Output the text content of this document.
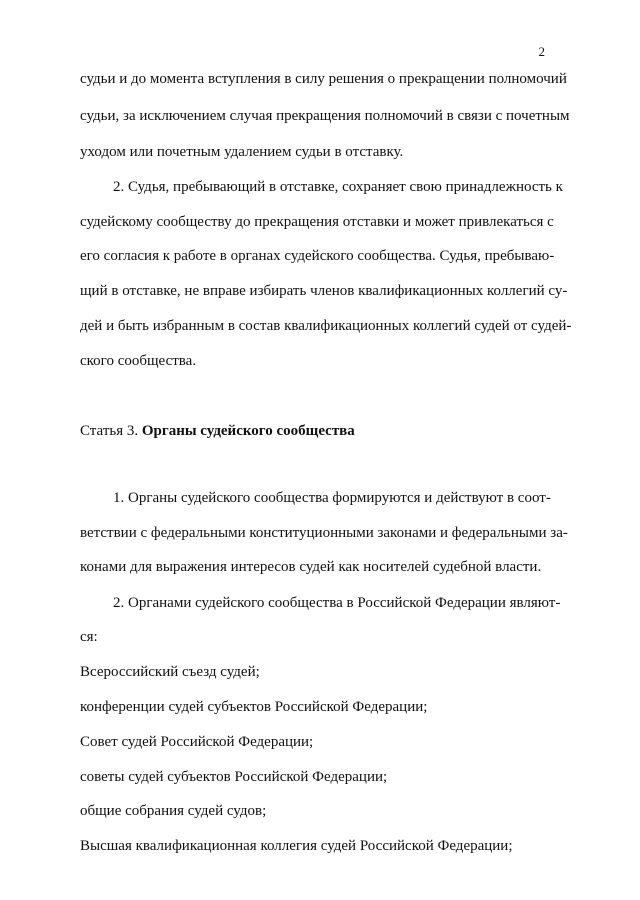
2
судьи и до момента вступления в силу решения о прекращении полномочий
судьи, за исключением случая прекращения полномочий в связи с почетным
уходом или почетным удалением судьи в отставку.
2. Судья, пребывающий в отставке, сохраняет свою принадлежность к
судейскому сообществу до прекращения отставки и может привлекаться с
его согласия к работе в органах судейского сообщества. Судья, пребываю-
щий в отставке, не вправе избирать членов квалификационных коллегий су-
дей и быть избранным в состав квалификационных коллегий судей от судей-
ского сообщества.
Статья 3. Органы судейского сообщества
1. Органы судейского сообщества формируются и действуют в соот-
ветствии с федеральными конституционными законами и федеральными за-
конами для выражения интересов судей как носителей судебной власти.
2. Органами судейского сообщества в Российской Федерации являют-
ся:
Всероссийский съезд судей;
конференции судей субъектов Российской Федерации;
Совет судей Российской Федерации;
советы судей субъектов Российской Федерации;
общие собрания судей судов;
Высшая квалификационная коллегия судей Российской Федерации;
